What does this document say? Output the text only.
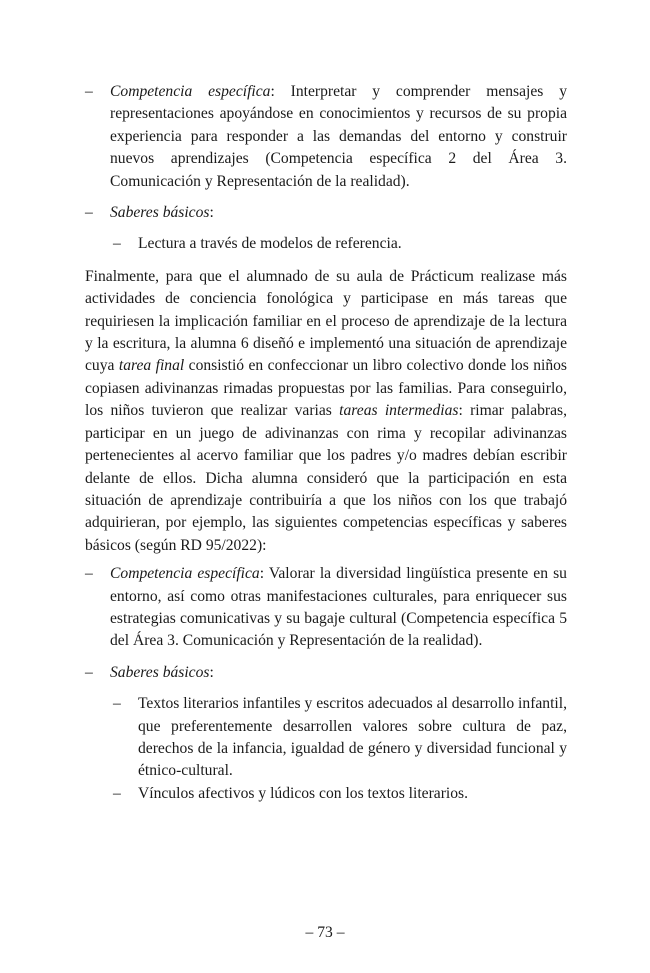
– Competencia específica: Interpretar y comprender mensajes y representaciones apoyándose en conocimientos y recursos de su propia experiencia para responder a las demandas del entorno y construir nuevos aprendizajes (Competencia específica 2 del Área 3. Comunicación y Representación de la realidad).
– Saberes básicos:
– Lectura a través de modelos de referencia.

Finalmente, para que el alumnado de su aula de Prácticum realizase más actividades de conciencia fonológica y participase en más tareas que requiriesen la implicación familiar en el proceso de aprendizaje de la lectura y la escritura, la alumna 6 diseñó e implementó una situación de aprendizaje cuya tarea final consistió en confeccionar un libro colectivo donde los niños copiasen adivinanzas rimadas propuestas por las familias. Para conseguirlo, los niños tuvieron que realizar varias tareas intermedias: rimar palabras, participar en un juego de adivinanzas con rima y recopilar adivinanzas pertenecientes al acervo familiar que los padres y/o madres debían escribir delante de ellos. Dicha alumna consideró que la participación en esta situación de aprendizaje contribuiría a que los niños con los que trabajó adquirieran, por ejemplo, las siguientes competencias específicas y saberes básicos (según RD 95/2022):

– Competencia específica: Valorar la diversidad lingüística presente en su entorno, así como otras manifestaciones culturales, para enriquecer sus estrategias comunicativas y su bagaje cultural (Competencia específica 5 del Área 3. Comunicación y Representación de la realidad).
– Saberes básicos:
– Textos literarios infantiles y escritos adecuados al desarrollo infantil, que preferentemente desarrollen valores sobre cultura de paz, derechos de la infancia, igualdad de género y diversidad funcional y étnico-cultural.
– Vínculos afectivos y lúdicos con los textos literarios.
– 73 –
